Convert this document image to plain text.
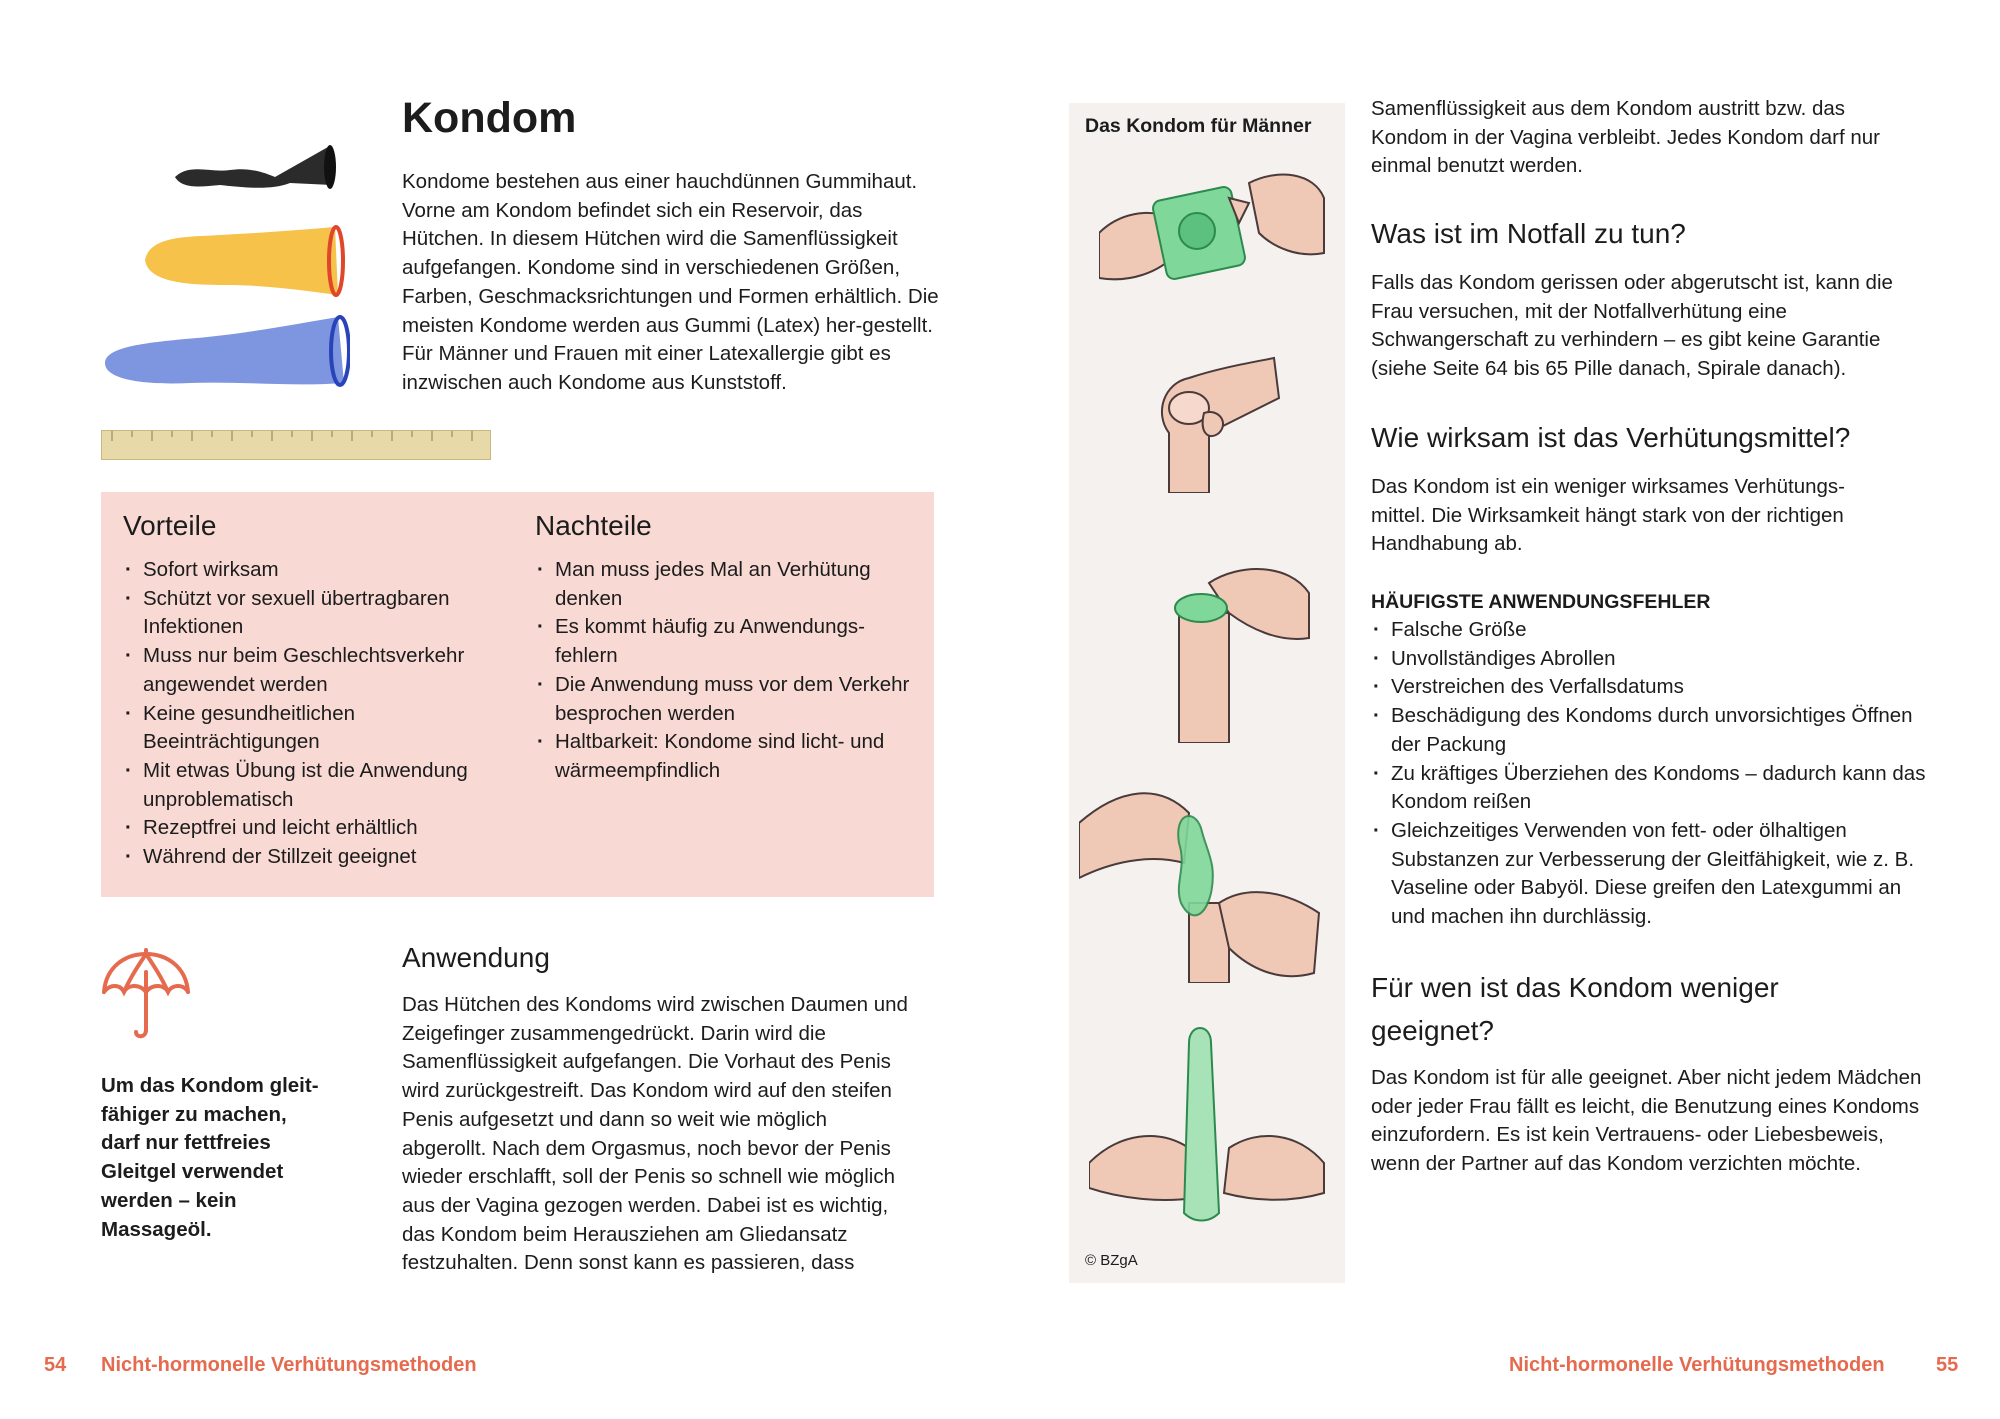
Kondom

Kondome bestehen aus einer hauchdünnen Gummihaut. Vorne am Kondom befindet sich ein Reservoir, das Hütchen. In diesem Hütchen wird die Samenflüssigkeit aufgefangen. Kondome sind in verschiedenen Größen, Farben, Geschmacksrichtungen und Formen erhältlich. Die meisten Kondome werden aus Gummi (Latex) her-gestellt. Für Männer und Frauen mit einer Latexallergie gibt es inzwischen auch Kondome aus Kunststoff.

Vorteile
· Sofort wirksam
· Schützt vor sexuell übertragbaren Infektionen
· Muss nur beim Geschlechtsverkehr angewendet werden
· Keine gesundheitlichen Beeinträchtigungen
· Mit etwas Übung ist die Anwendung unproblematisch
· Rezeptfrei und leicht erhältlich
· Während der Stillzeit geeignet
Nachteile
· Man muss jedes Mal an Verhütung denken
· Es kommt häufig zu Anwendungs-fehlern
· Die Anwendung muss vor dem Verkehr besprochen werden
· Haltbarkeit: Kondome sind licht- und wärmeempfindlich

Um das Kondom gleit-fähiger zu machen, darf nur fettfreies Gleitgel verwendet werden – kein Massageöl.

Anwendung

Das Hütchen des Kondoms wird zwischen Daumen und Zeigefinger zusammengedrückt. Darin wird die Samenflüssigkeit aufgefangen. Die Vorhaut des Penis wird zurückgestreift. Das Kondom wird auf den steifen Penis aufgesetzt und dann so weit wie möglich abgerollt. Nach dem Orgasmus, noch bevor der Penis wieder erschlafft, soll der Penis so schnell wie möglich aus der Vagina gezogen werden. Dabei ist es wichtig, das Kondom beim Herausziehen am Gliedansatz festzuhalten. Denn sonst kann es passieren, dass

54 Nicht-hormonelle Verhütungsmethoden
Das Kondom für Männer
© BZgA

Samenflüssigkeit aus dem Kondom austritt bzw. das Kondom in der Vagina verbleibt. Jedes Kondom darf nur einmal benutzt werden.

Was ist im Notfall zu tun?

Falls das Kondom gerissen oder abgerutscht ist, kann die Frau versuchen, mit der Notfallverhütung eine Schwangerschaft zu verhindern – es gibt keine Garantie (siehe Seite 64 bis 65 Pille danach, Spirale danach).

Wie wirksam ist das Verhütungsmittel?

Das Kondom ist ein weniger wirksames Verhütungs-mittel. Die Wirksamkeit hängt stark von der richtigen Handhabung ab.

HÄUFIGSTE ANWENDUNGSFEHLER
· Falsche Größe
· Unvollständiges Abrollen
· Verstreichen des Verfallsdatums
· Beschädigung des Kondoms durch unvorsichtiges Öffnen der Packung
· Zu kräftiges Überziehen des Kondoms – dadurch kann das Kondom reißen
· Gleichzeitiges Verwenden von fett- oder ölhaltigen Substanzen zur Verbesserung der Gleitfähigkeit, wie z. B. Vaseline oder Babyöl. Diese greifen den Latexgummi an und machen ihn durchlässig.
Für wen ist das Kondom weniger geeignet?

Das Kondom ist für alle geeignet. Aber nicht jedem Mädchen oder jeder Frau fällt es leicht, die Benutzung eines Kondoms einzufordern. Es ist kein Vertrauens- oder Liebesbeweis, wenn der Partner auf das Kondom verzichten möchte.

Nicht-hormonelle Verhütungsmethoden	55
